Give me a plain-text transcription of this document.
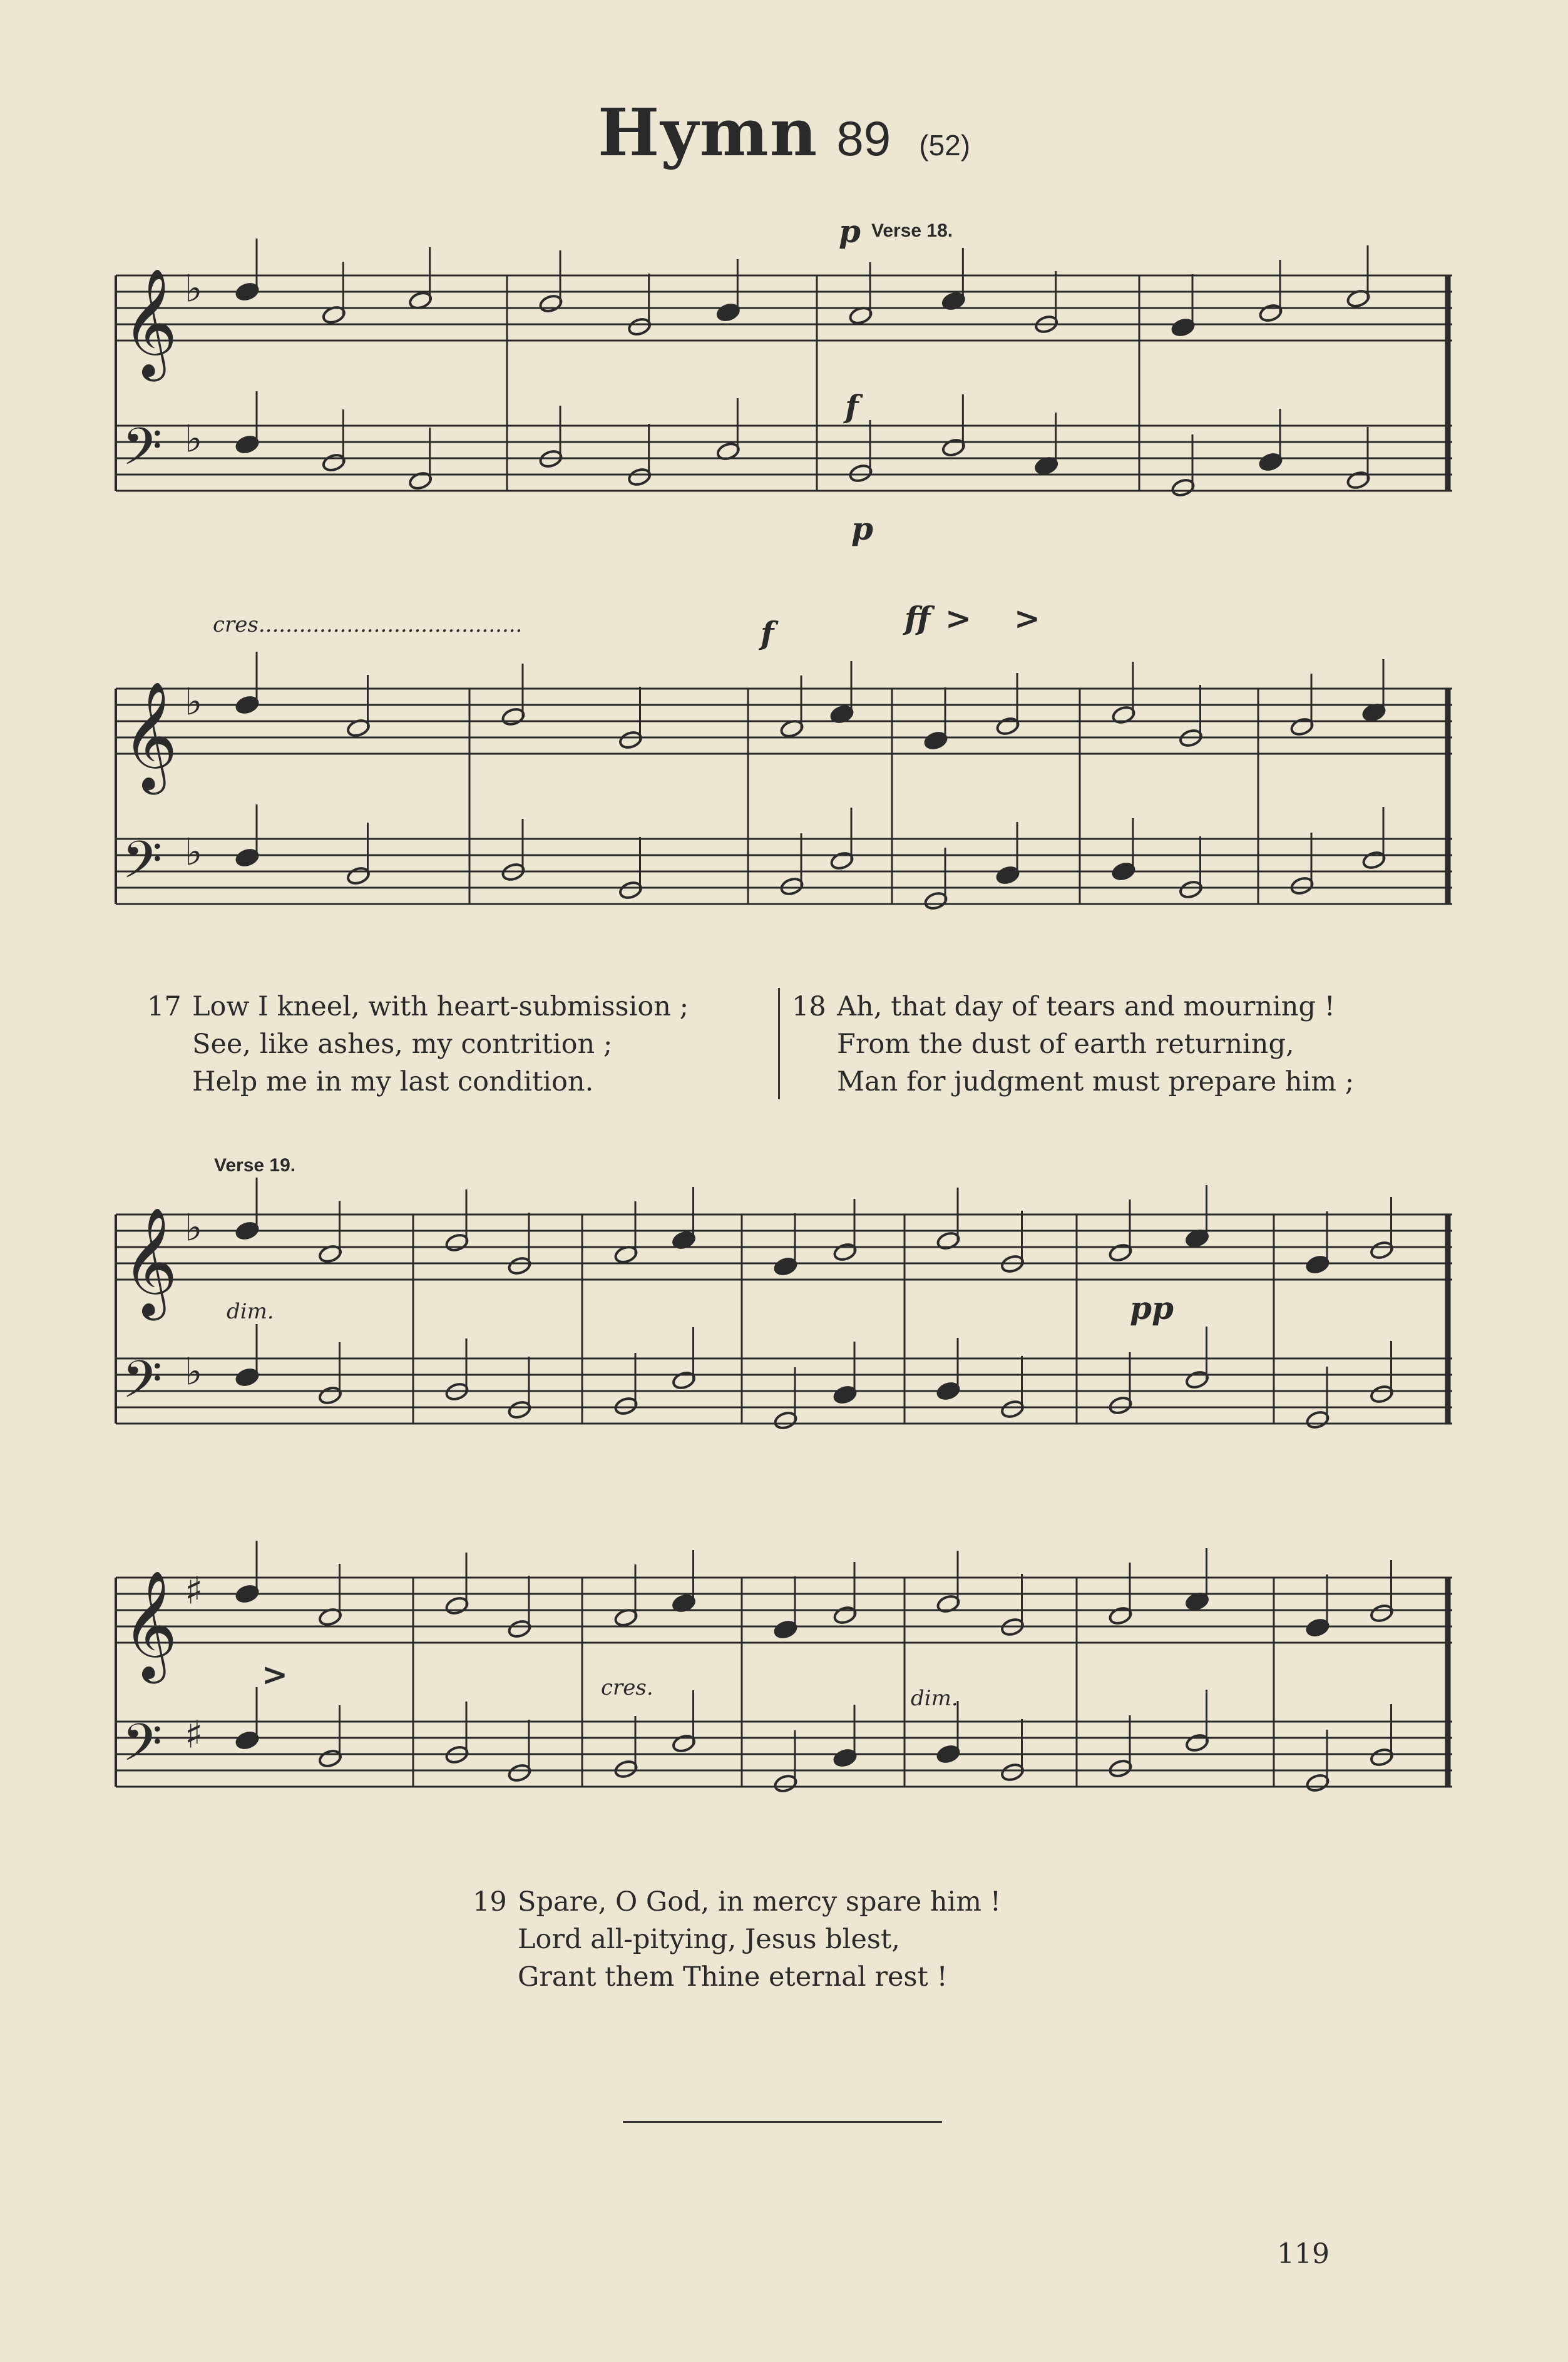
Hymn 89 (52)
𝄞 ♭
𝄢 ♭
p Verse 18.
f
p
𝄞 ♭
𝄢 ♭
cres.......................................	f	ff > >
17 Low I kneel, with heart-submission ;
See, like ashes, my contrition ;
Help me in my last condition.
18 Ah, that day of tears and mourning !
From the dust of earth returning,
Man for judgment must prepare him ;
𝄞 ♭
𝄢 ♭
Verse 19.
dim.	pp
𝄞 ♯
𝄢 ♯
>	cres.	dim.
19 Spare, O God, in mercy spare him !
Lord all-pitying, Jesus blest,
Grant them Thine eternal rest !
119
